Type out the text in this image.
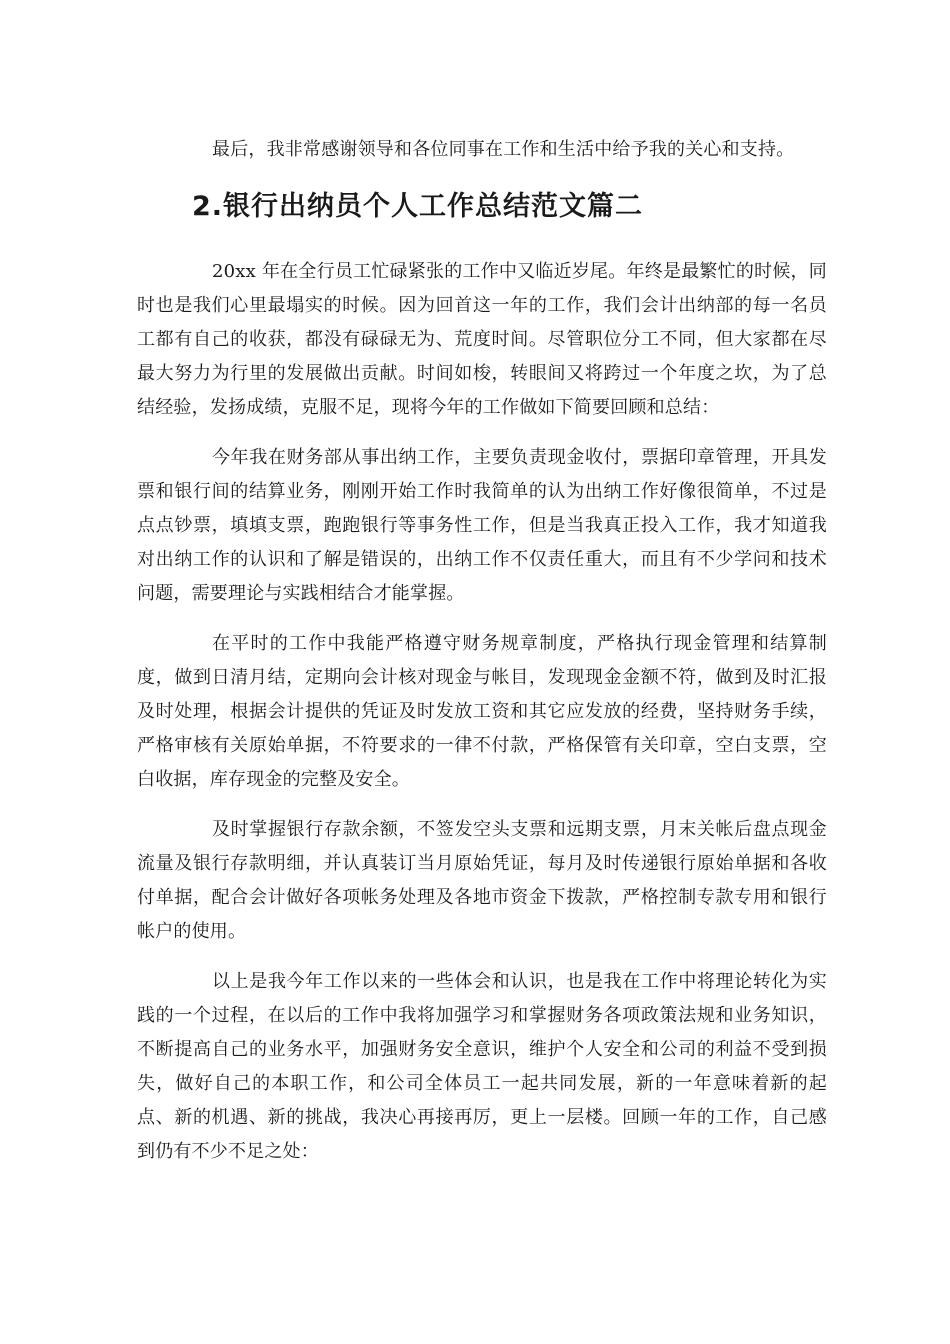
最后，我非常感谢领导和各位同事在工作和生活中给予我的关心和支持。

2.银行出纳员个人工作总结范文篇二

20xx 年在全行员工忙碌紧张的工作中又临近岁尾。年终是最繁忙的时候，同时也是我们心里最塌实的时候。因为回首这一年的工作，我们会计出纳部的每一名员工都有自己的收获，都没有碌碌无为、荒度时间。尽管职位分工不同，但大家都在尽最大努力为行里的发展做出贡献。时间如梭，转眼间又将跨过一个年度之坎，为了总结经验，发扬成绩，克服不足，现将今年的工作做如下简要回顾和总结：

今年我在财务部从事出纳工作，主要负责现金收付，票据印章管理，开具发票和银行间的结算业务，刚刚开始工作时我简单的认为出纳工作好像很简单，不过是点点钞票，填填支票，跑跑银行等事务性工作，但是当我真正投入工作，我才知道我对出纳工作的认识和了解是错误的，出纳工作不仅责任重大，而且有不少学问和技术问题，需要理论与实践相结合才能掌握。

在平时的工作中我能严格遵守财务规章制度，严格执行现金管理和结算制度，做到日清月结，定期向会计核对现金与帐目，发现现金金额不符，做到及时汇报及时处理，根据会计提供的凭证及时发放工资和其它应发放的经费，坚持财务手续，严格审核有关原始单据，不符要求的一律不付款，严格保管有关印章，空白支票，空白收据，库存现金的完整及安全。

及时掌握银行存款余额，不签发空头支票和远期支票，月末关帐后盘点现金流量及银行存款明细，并认真装订当月原始凭证，每月及时传递银行原始单据和各收付单据，配合会计做好各项帐务处理及各地市资金下拨款，严格控制专款专用和银行帐户的使用。

以上是我今年工作以来的一些体会和认识，也是我在工作中将理论转化为实践的一个过程，在以后的工作中我将加强学习和掌握财务各项政策法规和业务知识，不断提高自己的业务水平，加强财务安全意识，维护个人安全和公司的利益不受到损失，做好自己的本职工作，和公司全体员工一起共同发展，新的一年意味着新的起点、新的机遇、新的挑战，我决心再接再厉，更上一层楼。回顾一年的工作，自己感到仍有不少不足之处：
